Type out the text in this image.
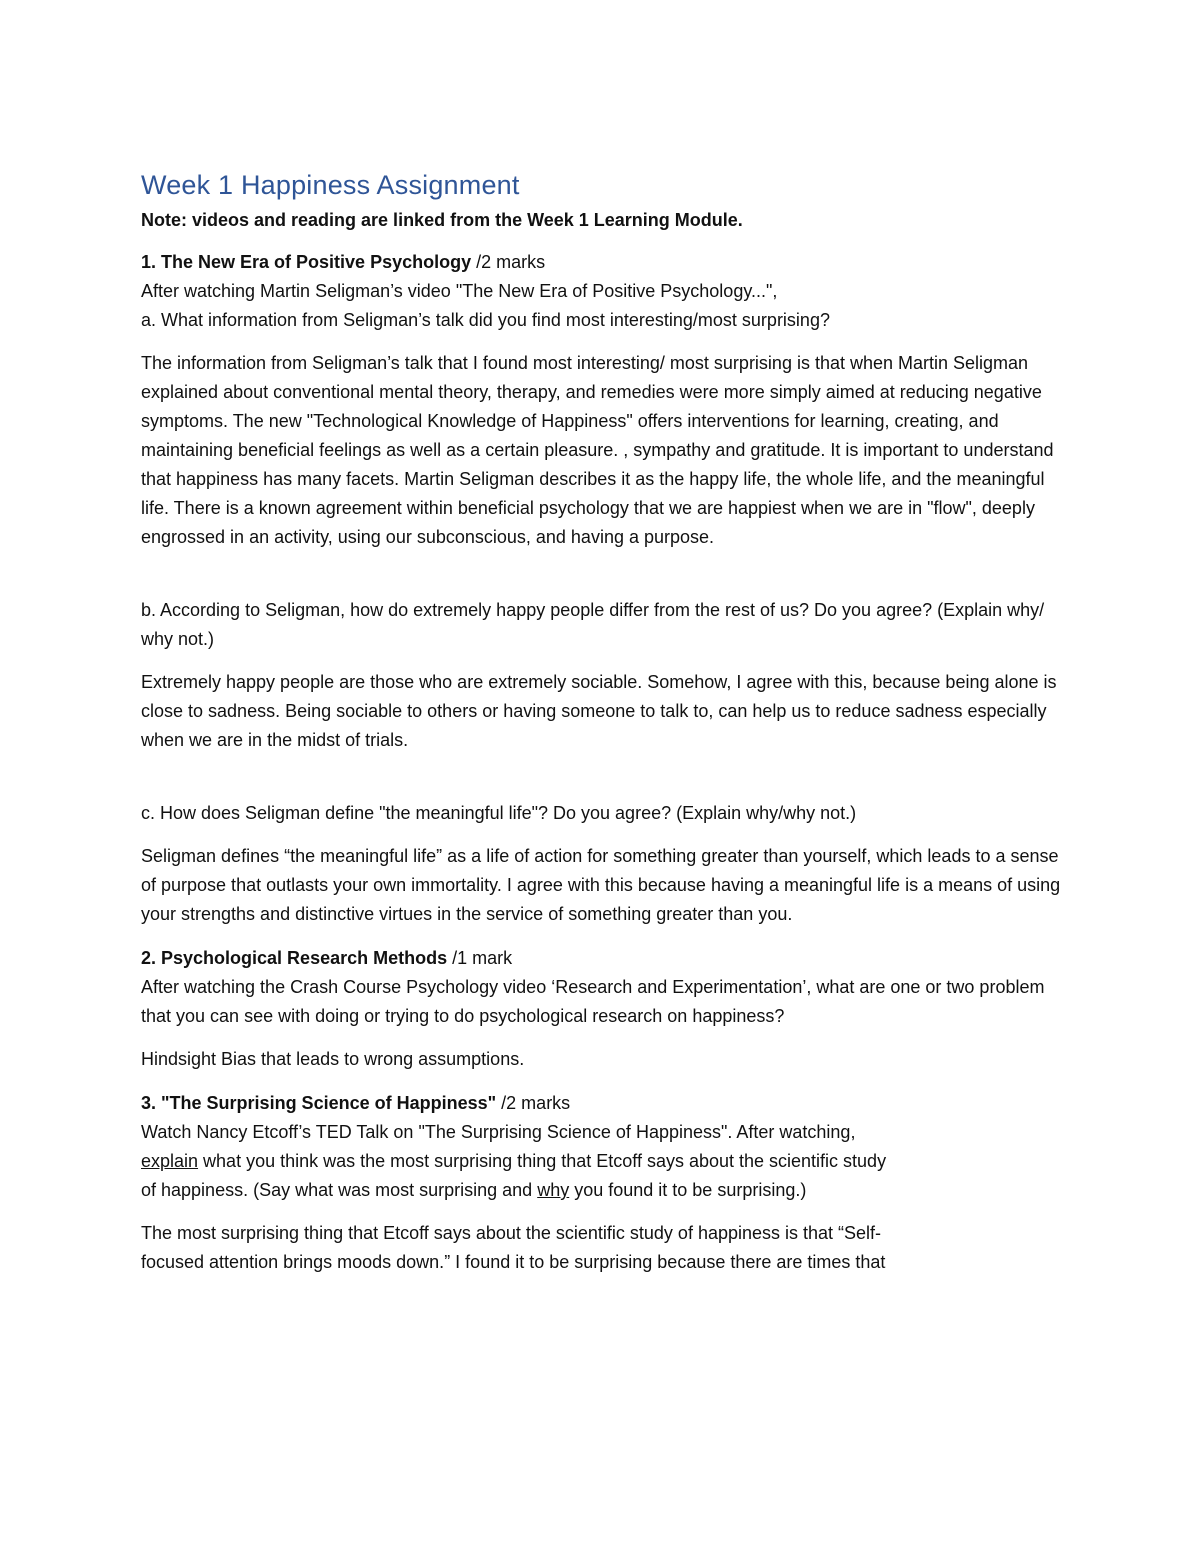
Week 1 Happiness Assignment
Note: videos and reading are linked from the Week 1 Learning Module.
1. The New Era of Positive Psychology /2 marks
After watching Martin Seligman’s video "The New Era of Positive Psychology...",
a. What information from Seligman’s talk did you find most interesting/most surprising?
The information from Seligman’s talk that I found most interesting/ most surprising is that when Martin Seligman explained about conventional mental theory, therapy, and remedies were more simply aimed at reducing negative symptoms. The new "Technological Knowledge of Happiness" offers interventions for learning, creating, and maintaining beneficial feelings as well as a certain pleasure. , sympathy and gratitude. It is important to understand that happiness has many facets. Martin Seligman describes it as the happy life, the whole life, and the meaningful life. There is a known agreement within beneficial psychology that we are happiest when we are in "flow", deeply engrossed in an activity, using our subconscious, and having a purpose.
b. According to Seligman, how do extremely happy people differ from the rest of us? Do you agree? (Explain why/ why not.)
Extremely happy people are those who are extremely sociable. Somehow, I agree with this, because being alone is close to sadness. Being sociable to others or having someone to talk to, can help us to reduce sadness especially when we are in the midst of trials.
c. How does Seligman define "the meaningful life"? Do you agree? (Explain why/why not.)
Seligman defines “the meaningful life” as a life of action for something greater than yourself, which leads to a sense of purpose that outlasts your own immortality. I agree with this because having a meaningful life is a means of using your strengths and distinctive virtues in the service of something greater than you.
2. Psychological Research Methods /1 mark
After watching the Crash Course Psychology video ‘Research and Experimentation’, what are one or two problem that you can see with doing or trying to do psychological research on happiness?
Hindsight Bias that leads to wrong assumptions.
3. "The Surprising Science of Happiness" /2 marks
Watch Nancy Etcoff’s TED Talk on "The Surprising Science of Happiness". After watching,
explain what you think was the most surprising thing that Etcoff says about the scientific study
of happiness. (Say what was most surprising and why you found it to be surprising.)
The most surprising thing that Etcoff says about the scientific study of happiness is that “Self-
focused attention brings moods down.” I found it to be surprising because there are times that
